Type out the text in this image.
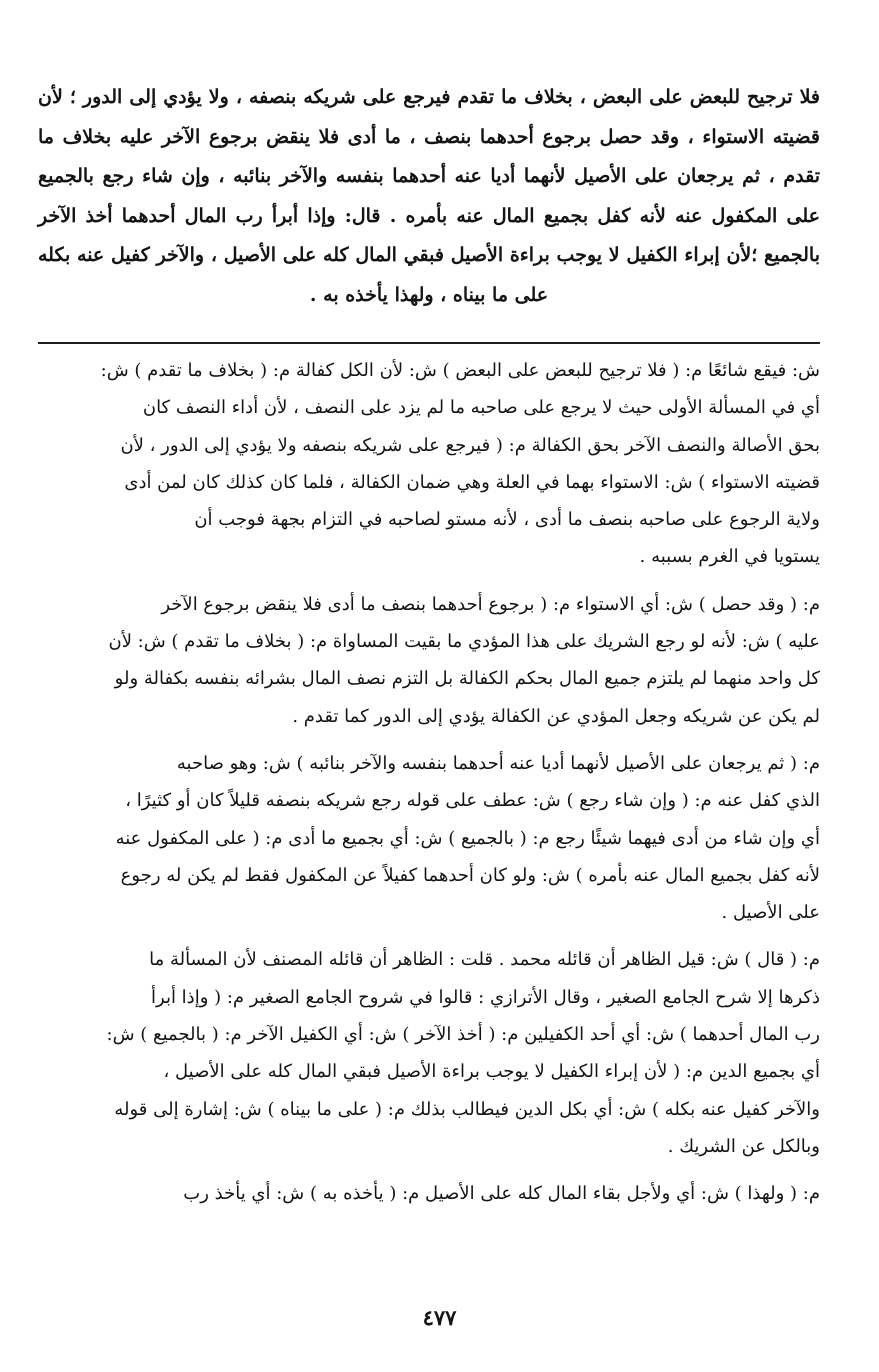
فلا ترجيح للبعض على البعض ، بخلاف ما تقدم فيرجع على شريكه بنصفه ، ولا يؤدي إلى الدور ؛ لأن قضيته الاستواء ، وقد حصل برجوع أحدهما بنصف ، ما أدى فلا ينقض برجوع الآخر عليه بخلاف ما تقدم ، ثم يرجعان على الأصيل لأنهما أديا عنه أحدهما بنفسه والآخر بنائبه ، وإن شاء رجع بالجميع على المكفول عنه لأنه كفل بجميع المال عنه بأمره . قال: وإذا أبرأ رب المال أحدهما أخذ الآخر بالجميع ؛لأن إبراء الكفيل لا يوجب براءة الأصيل فبقي المال كله على الأصيل ، والآخر كفيل عنه بكله على ما بيناه ، ولهذا يأخذه به .

ش: فيقع شائعًا م: ( فلا ترجيح للبعض على البعض ) ش: لأن الكل كفالة م: ( بخلاف ما تقدم ) ش:
أي في المسألة الأولى حيث لا يرجع على صاحبه ما لم يزد على النصف ، لأن أداء النصف كان
بحق الأصالة والنصف الآخر بحق الكفالة م: ( فيرجع على شريكه بنصفه ولا يؤدي إلى الدور ، لأن
قضيته الاستواء ) ش: الاستواء بهما في العلة وهي ضمان الكفالة ، فلما كان كذلك كان لمن أدى
ولاية الرجوع على صاحبه بنصف ما أدى ، لأنه مستو لصاحبه في التزام بجهة فوجب أن
يستويا في الغرم بسببه .
م: ( وقد حصل ) ش: أي الاستواء م: ( برجوع أحدهما بنصف ما أدى فلا ينقض برجوع الآخر
عليه ) ش: لأنه لو رجع الشريك على هذا المؤدي ما بقيت المساواة م: ( بخلاف ما تقدم ) ش: لأن
كل واحد منهما لم يلتزم جميع المال بحكم الكفالة بل التزم نصف المال بشرائه بنفسه بكفالة ولو
لم يكن عن شريكه وجعل المؤدي عن الكفالة يؤدي إلى الدور كما تقدم .
م: ( ثم يرجعان على الأصيل لأنهما أديا عنه أحدهما بنفسه والآخر بنائبه ) ش: وهو صاحبه
الذي كفل عنه م: ( وإن شاء رجع ) ش: عطف على قوله رجع شريكه بنصفه قليلاً كان أو كثيرًا ،
أي وإن شاء من أدى فيهما شيئًا رجع م: ( بالجميع ) ش: أي بجميع ما أدى م: ( على المكفول عنه
لأنه كفل بجميع المال عنه بأمره ) ش: ولو كان أحدهما كفيلاً عن المكفول فقط لم يكن له رجوع
على الأصيل .
م: ( قال ) ش: قيل الظاهر أن قائله محمد . قلت : الظاهر أن قائله المصنف لأن المسألة ما
ذكرها إلا شرح الجامع الصغير ، وقال الأترازي : قالوا في شروح الجامع الصغير م: ( وإذا أبرأ
رب المال أحدهما ) ش: أي أحد الكفيلين م: ( أخذ الآخر ) ش: أي الكفيل الآخر م: ( بالجميع ) ش:
أي بجميع الدين م: ( لأن إبراء الكفيل لا يوجب براءة الأصيل فبقي المال كله على الأصيل ،
والآخر كفيل عنه بكله ) ش: أي بكل الدين فيطالب بذلك م: ( على ما بيناه ) ش: إشارة إلى قوله
وبالكل عن الشريك .
م: ( ولهذا ) ش: أي ولأجل بقاء المال كله على الأصيل م: ( يأخذه به ) ش: أي يأخذ رب
٤٧٧
